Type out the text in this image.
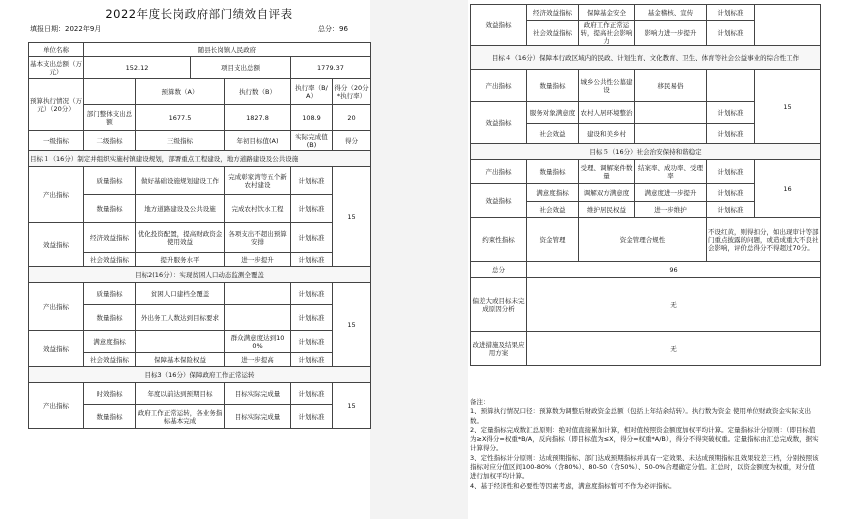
2022年度长岗政府部门绩效自评表
填报日期：2022年9月	总分：96
单位名称	随县长岗镇人民政府					
基本支出总额（万元）	152.12		项目支出总额		1779.37	
预算执行情况（万元）（20分）		预算数（A）		执行数（B）	执行率（B/A）	得分（20分*执行率）
	部门整体支出总额	1677.5		1827.8	108.9	20
一级指标	二级指标	三级指标		年初目标值(A)	实际完成值(B)	得分
目标１（16分）制定并组织实施村镇建设规划，部署重点工程建设，地方道路建设及公共设施						
产出指标	质量指标	做好基础设施规划建设工作		完成彰家湾等五个新农村建设	计划标准	15
	数量指标	地方道路建设及公共设施		完成农村饮水工程	计划标准	
效益指标	经济效益指标	优化投资配置，提高财政资金使用效益		各项支出不超出预算安排	计划标准	
	社会效益指标	提升服务水平		进一步提升	计划标准	
目标2(16分）：实现贫困人口动态监测全覆盖						
产出指标	质量指标	贫困人口建档全覆盖			计划标准	15
	数量指标	外出务工人数达到目标要求			计划标准	
效益指标	满意度指标			群众满意度达到100%	计划标准	
	社会效益指标	保障基本保险权益		进一步提高	计划标准	
目标3（16分）保障政府工作正常运转						
产出指标	时效指标	年度以前达到预期目标		目标实际完成量	计划标准	15
	数量指标	政府工作正常运转，各业务指标基本完成		目标实际完成量	计划标准	
效益指标	经济效益指标	保障基金安全	基金稽核、宣传	计划标准	
	社会效益指标	政府工作正常运转，提高社会影响力	影响力进一步提升	计划标准	
目标４（16分）保障本行政区域内的民政、计划生育、文化教育、卫生、体育等社会公益事业的综合性工作					
产出指标	数量指标	城乡公共性公墓建设	移民易俗		15
效益指标	服务对象满意度	农村人居环境整治		计划标准	
	社会效益	建设和美乡村		计划标准	
目标５（16分）社会治安保持和谐稳定					
产出指标	数量指标	受理、调解案件数量	结案率、成功率、受理率	计划标准	16
效益指标	满意度指标	调解双方满意度	满意度进一步提升	计划标准	
	社会效益	维护居民权益	进一步维护	计划标准	
约束性指标	资金管理	资金管理合规性		不设红黄，则得扣分，如出现审计等部门重点披露的问题，或造成重大不良社会影响，评价总得分不得超过70分。	
总分	96				
偏差大或目标未完成原因分析	无				
改进措施及结果应用方案	无				
备注：
1、预算执行情况口径：预算数为调整后财政资金总额（包括上年结余结转）。执行数为资金 使用单位财政资金实际支出数。
2、定量指标完成数汇总原则：绝对值直接累加计算，相对值按照资金额度加权平均计算。定量指标计分原则：（即目标值为≥X得分=权重*B/A，反向指标（即目标值为≤X，得分=权重*A/B），得分不得突破权重。定量指标由汇总完成数，据实计算得分。
3、定性指标计分原则：达成预期指标、部门达成预期指标并具有一定效果、未达成预期指标且效果较差三档，分别按照该指标对应分值区间100-80%（含80%）、80-50（含50%）、50-0%合理确定分值。汇总时，以资金额度为权重，对分值进行加权平均计算。
4、基于经济性和必要性等因素考虑，满意度指标暂可不作为必评指标。
